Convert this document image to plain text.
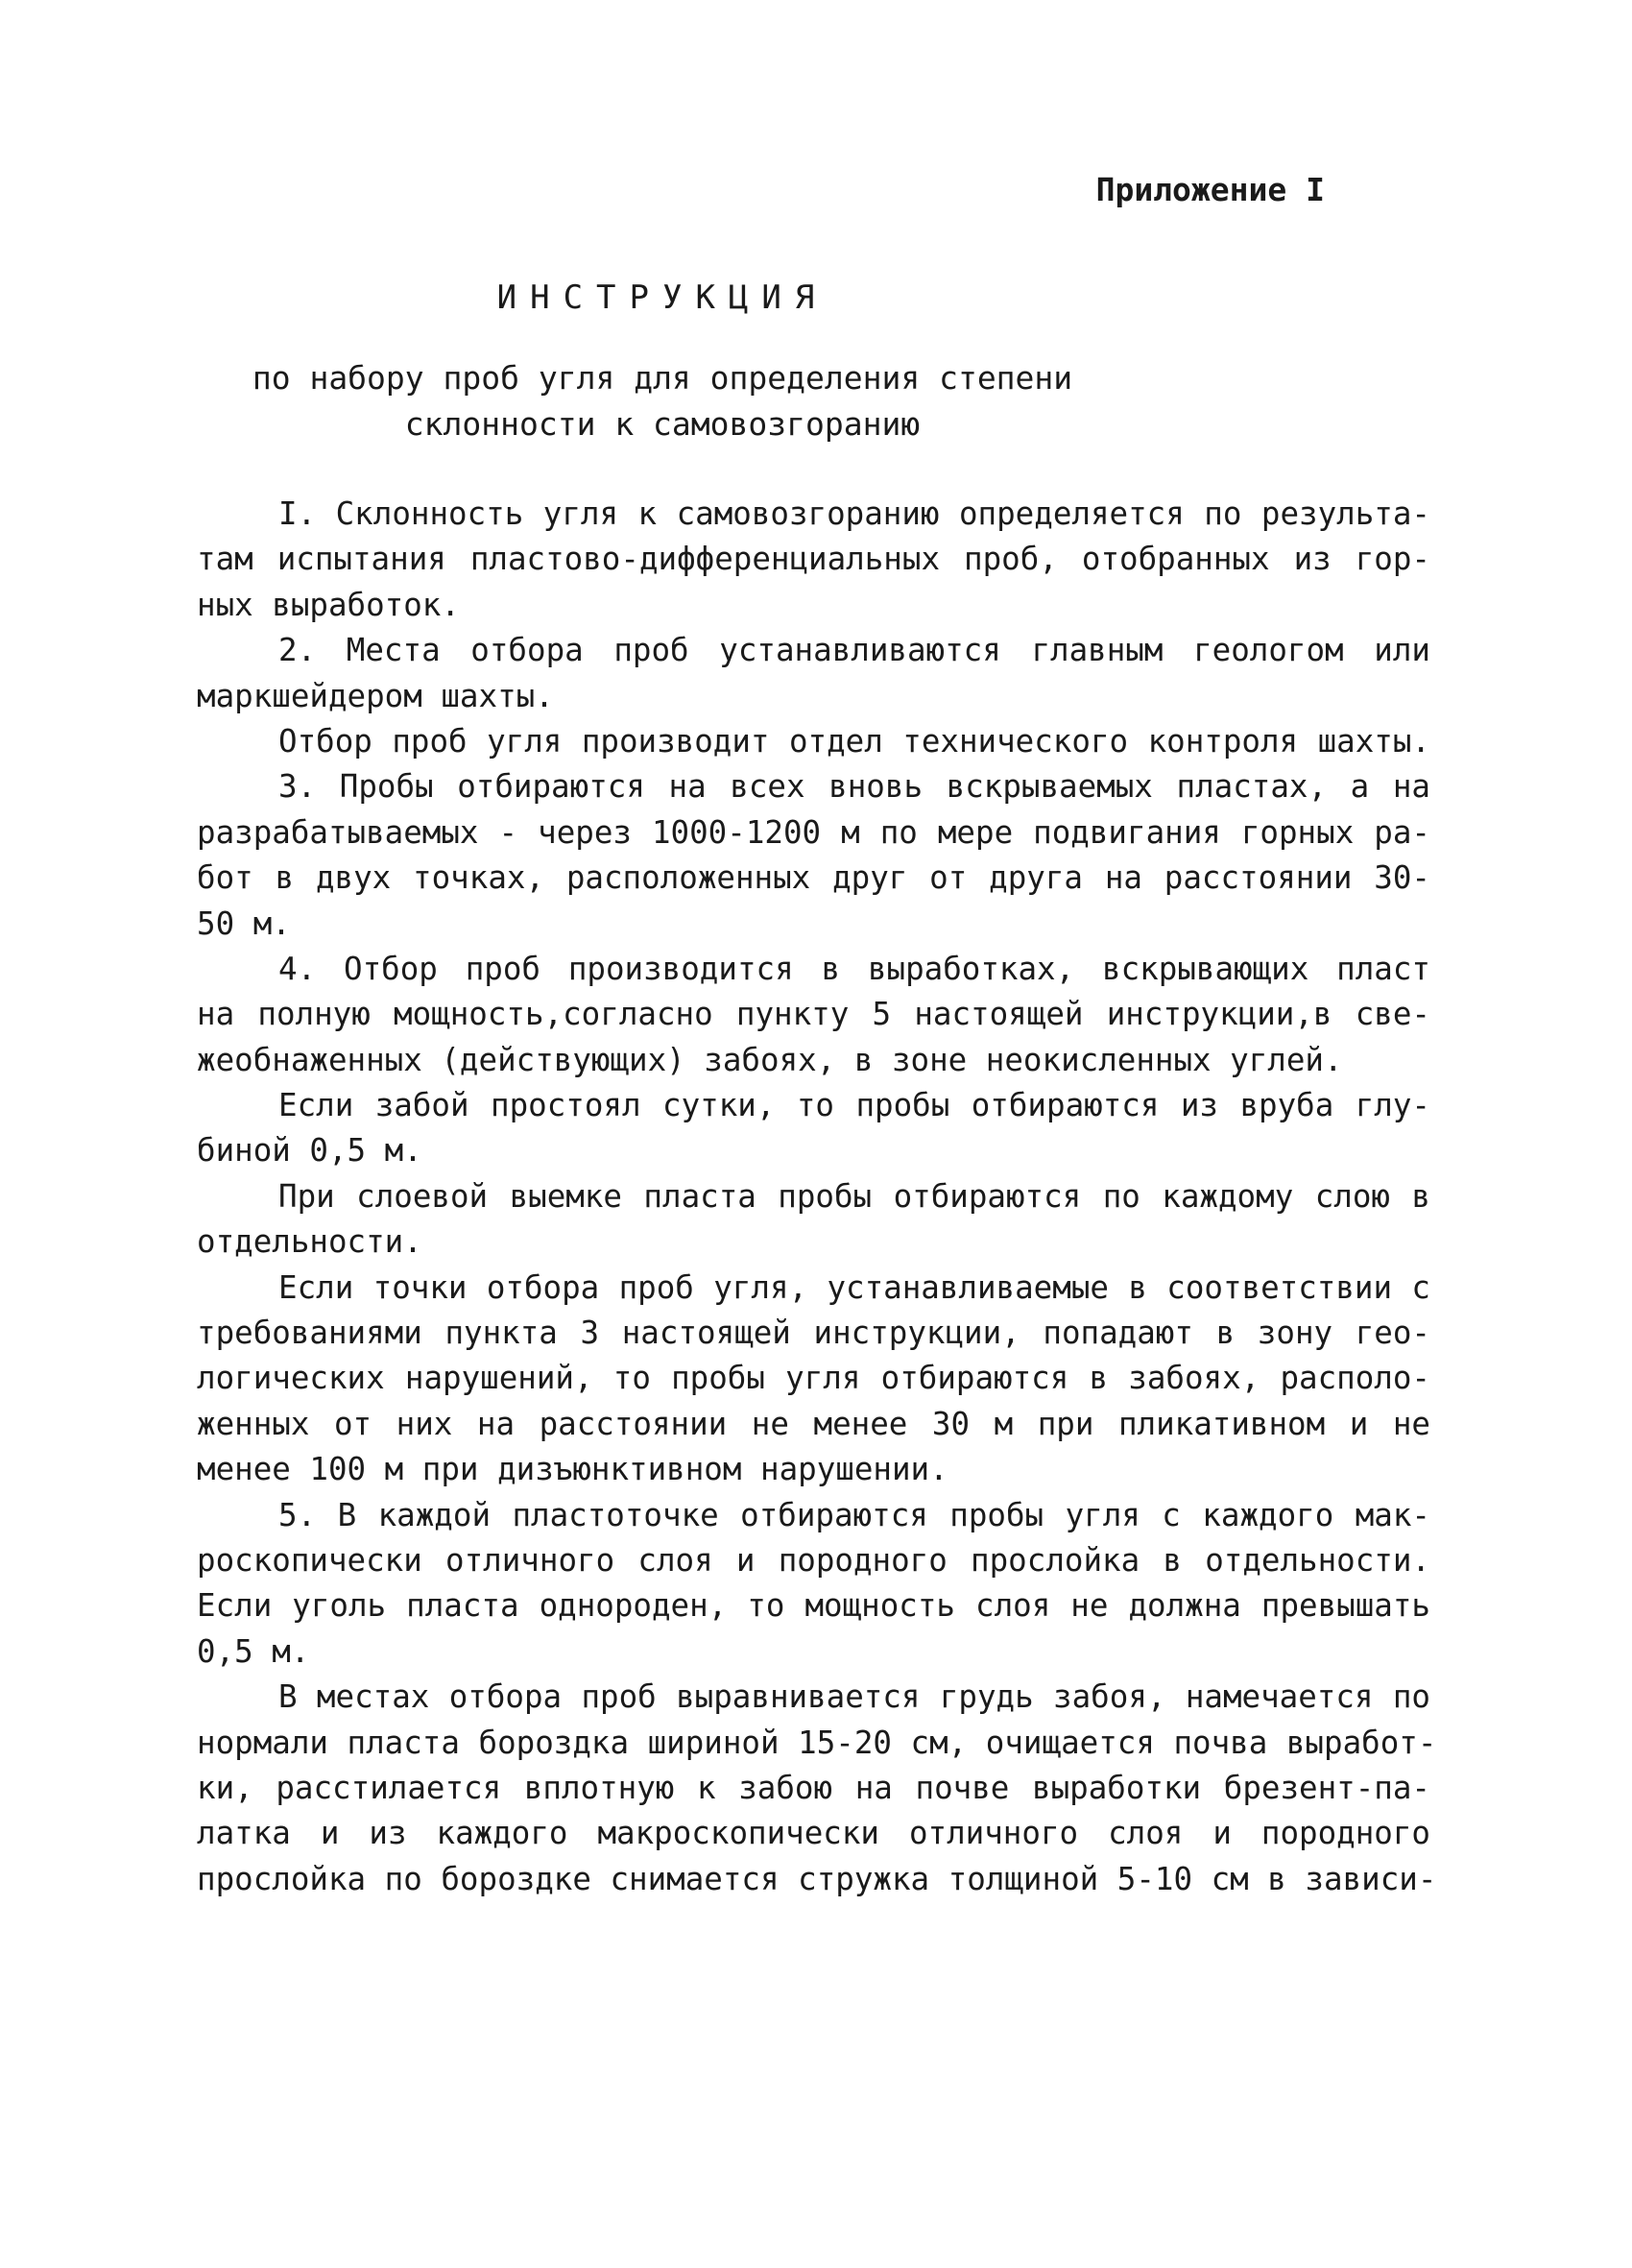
Приложение I
ИНСТРУКЦИЯ
по набору проб угля для определения степени
склонности к самовозгоранию
I. Склонность угля к самовозгоранию определяется по результа-
там испытания пластово-дифференциальных проб, отобранных из гор-
ных выработок.
2. Места отбора проб устанавливаются главным геологом или
маркшейдером шахты.
Отбор проб угля производит отдел технического контроля шахты.
3. Пробы отбираются на всех вновь вскрываемых пластах, а на
разрабатываемых - через 1000-1200 м по мере подвигания горных ра-
бот в двух точках, расположенных друг от друга на расстоянии 30-
50 м.
4. Отбор проб производится в выработках, вскрывающих пласт
на полную мощность,согласно пункту 5 настоящей инструкции,в све-
жеобнаженных (действующих) забоях, в зоне неокисленных углей.
Если забой простоял сутки, то пробы отбираются из вруба глу-
биной 0,5 м.
При слоевой выемке пласта пробы отбираются по каждому слою в
отдельности.
Если точки отбора проб угля, устанавливаемые в соответствии с
требованиями пункта 3 настоящей инструкции, попадают в зону гео-
логических нарушений, то пробы угля отбираются в забоях, располо-
женных от них на расстоянии не менее 30 м при пликативном и не
менее 100 м при дизъюнктивном нарушении.
5. В каждой пластоточке отбираются пробы угля с каждого мак-
роскопически отличного слоя и породного прослойка в отдельности.
Если уголь пласта однороден, то мощность слоя не должна превышать
0,5 м.
В местах отбора проб выравнивается грудь забоя, намечается по
нормали пласта бороздка шириной 15-20 см, очищается почва выработ-
ки, расстилается вплотную к забою на почве выработки брезент-па-
латка и из каждого макроскопически отличного слоя и породного
прослойка по бороздке снимается стружка толщиной 5-10 см в зависи-
